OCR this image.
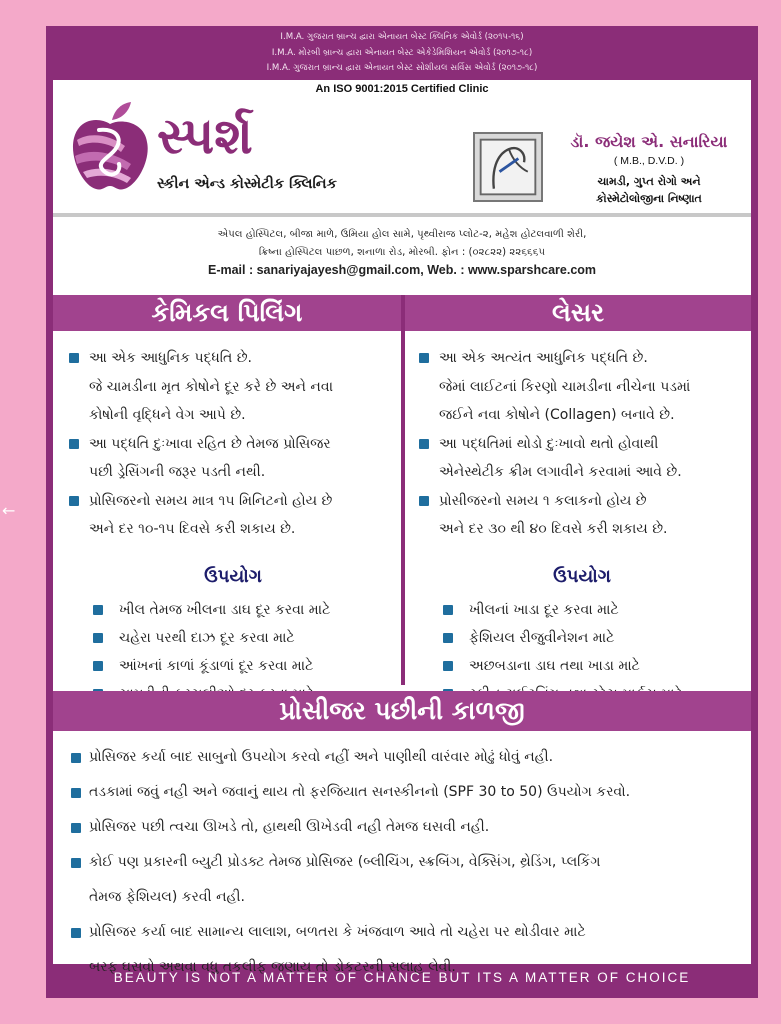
←
I.M.A. ગુજરાત બ્રાન્ચ દ્વારા એનાયત બેસ્ટ ક્લિનિક એવોર્ડ (૨૦૧૫-૧૬)
I.M.A. મોરબી બ્રાન્ચ દ્વારા એનાયત બેસ્ટ એકેડેમિશિયન એવોર્ડ (૨૦૧૭-૧૮)
I.M.A. ગુજરાત બ્રાન્ચ દ્વારા એનાયત બેસ્ટ સોશીયલ સર્વિસ એવોર્ડ (૨૦૧૭-૧૮)
An ISO 9001:2015 Certified Clinic
સ્પર્શ
સ્કીન એન્ડ કોસ્મેટીક ક્લિનિક
ડૉ. જયેશ એ. સનારિયા
( M.B., D.V.D. )
ચામડી, ગુપ્ત રોગો અને
કોસ્મેટોલોજીના નિષ્ણાત
એપલ હોસ્પિટલ, બીજા માળે, ઉમિયા હોલ સામે, પૃથ્વીરાજ પ્લોટ-૨, મહેશ હોટલવાળી શેરી,
ક્રિષ્ના હોસ્પિટલ પાછળ, શનાળા રોડ, મોરબી. ફોન : (૦૨૮૨૨) ૨૨૬૬૬૫
E-mail : sanariyajayesh@gmail.com, Web. : www.sparshcare.com
કેમિકલ પિલિંગ	લેસર
આ એક આધુનિક પદ્ધતિ છે.
જે ચામડીના મૃત કોષોને દૂર કરે છે અને નવા
કોષોની વૃદ્ધિને વેગ આપે છે.
આ પદ્ધતિ દુઃખાવા રહિત છે તેમજ પ્રોસિજર
પછી ડ્રેસિંગની જરૂર પડતી નથી.
પ્રોસિજરનો સમય માત્ર ૧૫ મિનિટનો હોય છે
અને દર ૧૦-૧૫ દિવસે કરી શકાય છે.
ઉપયોગ
ખીલ તેમજ ખીલના ડાઘ દૂર કરવા માટે
ચહેરા પરથી દાઝ દૂર કરવા માટે
આંખનાં કાળાં કૂંડાળાં દૂર કરવા માટે
આ એક અત્યંત આધુનિક પદ્ધતિ છે.
જેમાં લાઈટનાં કિરણો ચામડીના નીચેના પડમાં
જઈને નવા કોષોને (Collagen) બનાવે છે.
આ પદ્ધતિમાં થોડો દુઃખાવો થતો હોવાથી
એનેસ્થેટીક ક્રીમ લગાવીને કરવામાં આવે છે.
પ્રોસીજરનો સમય ૧ કલાકનો હોય છે
અને દર ૩૦ થી ૪૦ દિવસે કરી શકાય છે.
ઉપયોગ
ખીલનાં ખાડા દૂર કરવા માટે
ફેશિયલ રીજુવીનેશન માટે
અછબડાના ડાઘ તથા ખાડા માટે
પ્રોસીજર પછીની કાળજી
પ્રોસિજર કર્યા બાદ સાબુનો ઉપયોગ કરવો નહીં અને પાણીથી વારંવાર મોઢું ધોવું નહી.
તડકામાં જવું નહી અને જવાનું થાય તો ફરજિયાત સનસ્કીનનો (SPF 30 to 50) ઉપયોગ કરવો.
પ્રોસિજર પછી ત્વચા ઊખડે તો, હાથથી ઊખેડવી નહી તેમજ ઘસવી નહી.
કોઈ પણ પ્રકારની બ્યુટી પ્રોડક્ટ તેમજ પ્રોસિજર (બ્લીચિંગ, સ્ક્રબિંગ, વેક્સિંગ, થ્રેડિંગ, પ્લકિંગ
તેમજ ફેશિયલ) કરવી નહી.
પ્રોસિજર કર્યા બાદ સામાન્ય લાલાશ, બળતરા કે ખંજવાળ આવે તો ચહેરા પર થોડીવાર માટે
બરફ ઘસવો અથવા વધુ તકલીફ જણાય તો ડોકટરની સલાહ લેવી.
BEAUTY IS NOT A MATTER OF CHANCE BUT ITS A MATTER OF CHOICE
